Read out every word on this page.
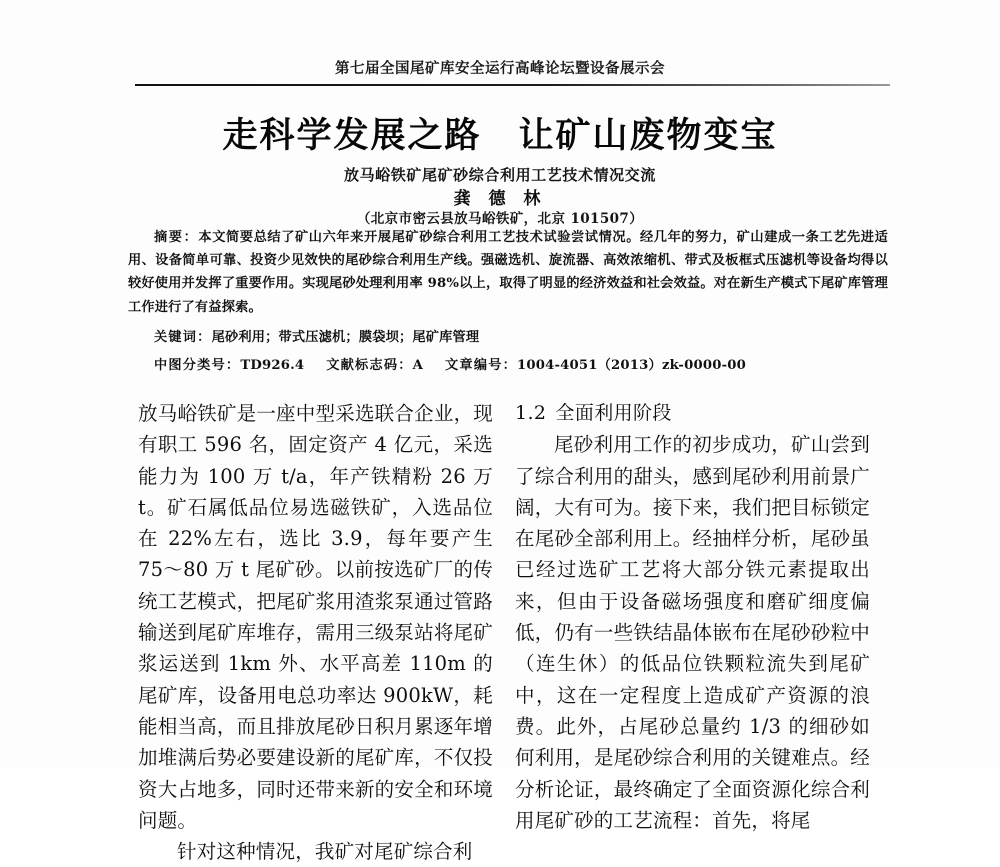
第七届全国尾矿库安全运行高峰论坛暨设备展示会
走科学发展之路　让矿山废物变宝
放马峪铁矿尾矿砂综合利用工艺技术情况交流
龚 德 林
（北京市密云县放马峪铁矿，北京 101507）

摘要：本文简要总结了矿山六年来开展尾矿砂综合利用工艺技术试验尝试情况。经几年的努力，矿山建成一条工艺先进适用、设备简单可靠、投资少见效快的尾砂综合利用生产线。强磁选机、旋流器、高效浓缩机、带式及板框式压滤机等设备均得以较好使用并发挥了重要作用。实现尾砂处理利用率 98%以上，取得了明显的经济效益和社会效益。对在新生产模式下尾矿库管理工作进行了有益探索。

关键词：尾砂利用；带式压滤机；膜袋坝；尾矿库管理

中图分类号：TD926.4 文献标志码：A 文章编号：1004-4051（2013）zk-0000-00

放马峪铁矿是一座中型采选联合企业，现有职工 596 名，固定资产 4 亿元，采选能力为 100 万 t/a，年产铁精粉 26 万 t。矿石属低品位易选磁铁矿，入选品位在 22%左右，选比 3.9，每年要产生 75～80 万 t 尾矿砂。以前按选矿厂的传统工艺模式，把尾矿浆用渣浆泵通过管路输送到尾矿库堆存，需用三级泵站将尾矿浆运送到 1km 外、水平高差 110m 的尾矿库，设备用电总功率达 900kW，耗能相当高，而且排放尾砂日积月累逐年增加堆满后势必要建设新的尾矿库，不仅投资大占地多，同时还带来新的安全和环境问题。

针对这种情况，我矿对尾矿综合利

1.2 全面利用阶段

尾砂利用工作的初步成功，矿山尝到了综合利用的甜头，感到尾砂利用前景广阔，大有可为。接下来，我们把目标锁定在尾砂全部利用上。经抽样分析，尾砂虽已经过选矿工艺将大部分铁元素提取出来，但由于设备磁场强度和磨矿细度偏低，仍有一些铁结晶体嵌布在尾砂砂粒中（连生休）的低品位铁颗粒流失到尾矿中，这在一定程度上造成矿产资源的浪费。此外，占尾砂总量约 1/3 的细砂如何利用，是尾砂综合利用的关键难点。经分析论证，最终确定了全面资源化综合利用尾矿砂的工艺流程：首先，将尾
